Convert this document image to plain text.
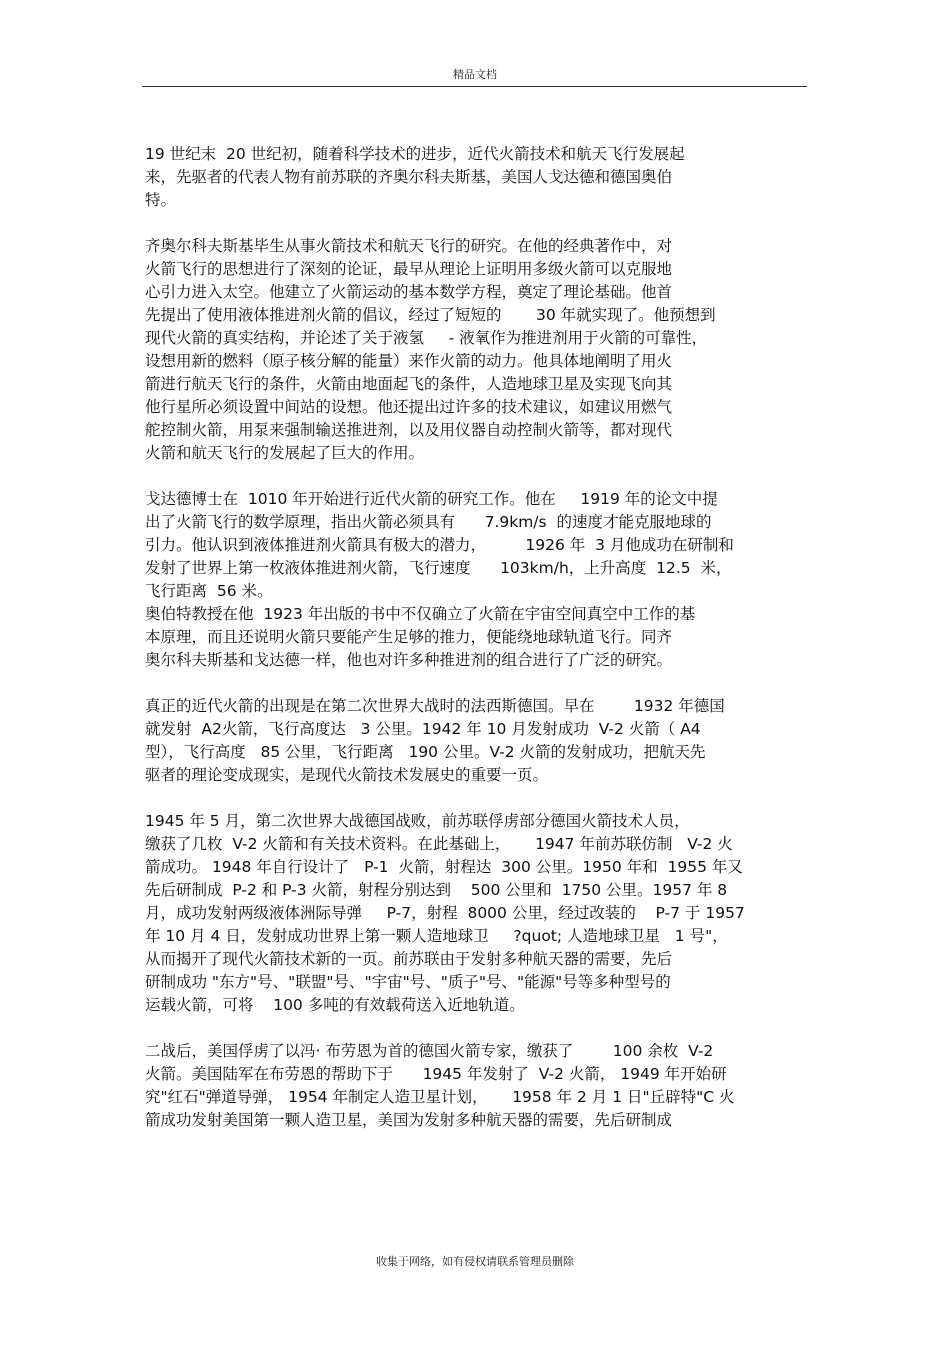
精品文档
19 世纪末  20 世纪初，随着科学技术的进步，近代火箭技术和航天飞行发展起
来，先驱者的代表人物有前苏联的齐奥尔科夫斯基，美国人戈达德和德国奥伯
特。
齐奥尔科夫斯基毕生从事火箭技术和航天飞行的研究。在他的经典著作中，对
火箭飞行的思想进行了深刻的论证，最早从理论上证明用多级火箭可以克服地
心引力进入太空。他建立了火箭运动的基本数学方程，奠定了理论基础。他首
先提出了使用液体推进剂火箭的倡议，经过了短短的       30 年就实现了。他预想到
现代火箭的真实结构，并论述了关于液氢     - 液氧作为推进剂用于火箭的可靠性，
设想用新的燃料（原子核分解的能量）来作火箭的动力。他具体地阐明了用火
箭进行航天飞行的条件，火箭由地面起飞的条件，人造地球卫星及实现飞向其
他行星所必须设置中间站的设想。他还提出过许多的技术建议，如建议用燃气
舵控制火箭，用泵来强制输送推进剂，以及用仪器自动控制火箭等，都对现代
火箭和航天飞行的发展起了巨大的作用。
戈达德博士在  1010 年开始进行近代火箭的研究工作。他在     1919 年的论文中提
出了火箭飞行的数学原理，指出火箭必须具有      7.9km/s  的速度才能克服地球的
引力。他认识到液体推进剂火箭具有极大的潜力，        1926 年  3 月他成功在研制和
发射了世界上第一枚液体推进剂火箭，飞行速度      103km/h，上升高度  12.5  米，
飞行距离  56 米。
奥伯特教授在他  1923 年出版的书中不仅确立了火箭在宇宙空间真空中工作的基
本原理，而且还说明火箭只要能产生足够的推力，便能绕地球轨道飞行。同齐
奥尔科夫斯基和戈达德一样，他也对许多种推进剂的组合进行了广泛的研究。
真正的近代火箭的出现是在第二次世界大战时的法西斯德国。早在        1932 年德国
就发射  A2火箭，飞行高度达   3 公里。1942 年 10 月发射成功  V-2 火箭（ A4
型），飞行高度   85 公里，飞行距离   190 公里。V-2 火箭的发射成功，把航天先
驱者的理论变成现实，是现代火箭技术发展史的重要一页。
1945 年 5 月，第二次世界大战德国战败，前苏联俘虏部分德国火箭技术人员，
缴获了几枚  V-2 火箭和有关技术资料。在此基础上，     1947 年前苏联仿制   V-2 火
箭成功。 1948 年自行设计了   P-1  火箭，射程达  300 公里。1950 年和  1955 年又
先后研制成  P-2 和 P-3 火箭，射程分别达到    500 公里和  1750 公里。1957 年 8
月，成功发射两级液体洲际导弹     P-7，射程  8000 公里，经过改装的    P-7 于 1957
年 10 月 4 日，发射成功世界上第一颗人造地球卫     ?quot; 人造地球卫星   1 号"，
从而揭开了现代火箭技术新的一页。前苏联由于发射多种航天器的需要，先后
研制成功 "东方"号、"联盟"号、"宇宙"号、"质子"号、"能源"号等多种型号的
运载火箭，可将    100 多吨的有效载荷送入近地轨道。
二战后，美国俘虏了以冯· 布劳恩为首的德国火箭专家，缴获了        100 余枚  V-2
火箭。美国陆军在布劳恩的帮助下于      1945 年发射了  V-2 火箭， 1949 年开始研
究"红石"弹道导弹， 1954 年制定人造卫星计划，     1958 年 2 月 1 日"丘辟特"C 火
箭成功发射美国第一颗人造卫星，美国为发射多种航天器的需要，先后研制成
收集于网络，如有侵权请联系管理员删除
